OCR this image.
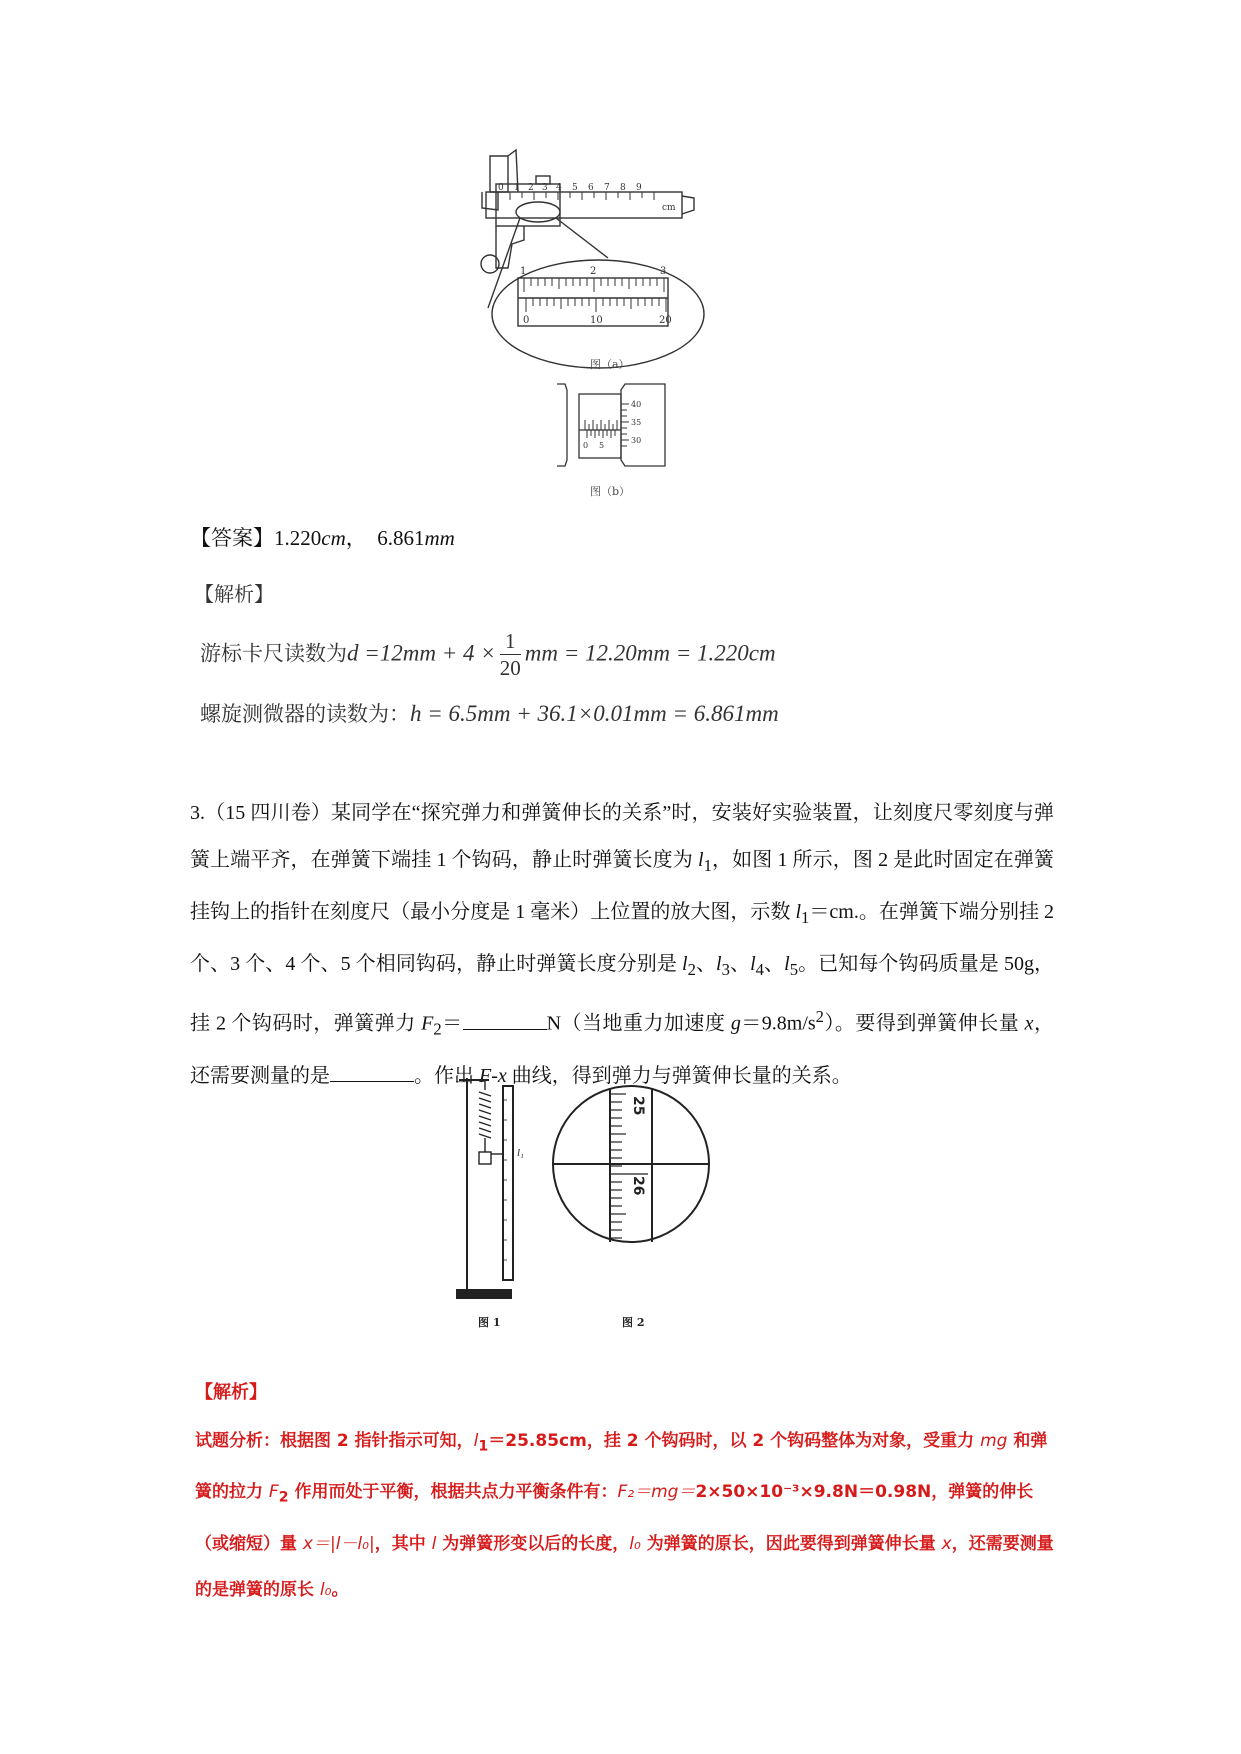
0 1 2 3 4 5 6 7 8 9
cm
1	2	3
0	10	20
图（a）
0 5
40
35
30
图（b）
【答案】1.220cm， 6.861mm
【解析】
游标卡尺读数为$d =12mm + 4 \times \frac{1}{20}$ mm = 12.20mm = 1.220cm
螺旋测微器的读数为：h = 6.5mm + 36.1×0.01mm = 6.861mm
3.（15 四川卷）某同学在“探究弹力和弹簧伸长的关系”时，安装好实验装置，让刻度尺零刻度与弹簧上端平齐，在弹簧下端挂 1 个钩码，静止时弹簧长度为 $l_1$，如图 1 所示，图 2 是此时固定在弹簧挂钩上的指针在刻度尺（最小分度是 1 毫米）上位置的放大图，示数 $l_1=cm$.。在弹簧下端分别挂 2 个、3 个、4 个、5 个相同钩码，静止时弹簧长度分别是 $l_2$、$l_3$、$l_4$、$l_5$。已知每个钩码质量是 50g，挂 2 个钩码时，弹簧弹力 $F_2=$	N（当地重力加速度 $g=9.8m/s^2$）。要得到弹簧伸长量 x，还需要测量的是	。作出 F-x 曲线，得到弹力与弹簧伸长量的关系。
l₁
图 1
25
26
图 2
【解析】
试题分析：根据图 2 指针指示可知，$l_1=25.85cm$，挂 2 个钩码时，以 2 个钩码整体为对象，受重力 mg 和弹簧的拉力 $F_2$ 作用而处于平衡，根据共点力平衡条件有：F₂＝mg＝2×50×10⁻³×9.8N＝0.98N，弹簧的伸长（或缩短）量 x＝|l－l₀|，其中 l 为弹簧形变以后的长度，l₀ 为弹簧的原长，因此要得到弹簧伸长量 x，还需要测量的是弹簧的原长 l₀。
